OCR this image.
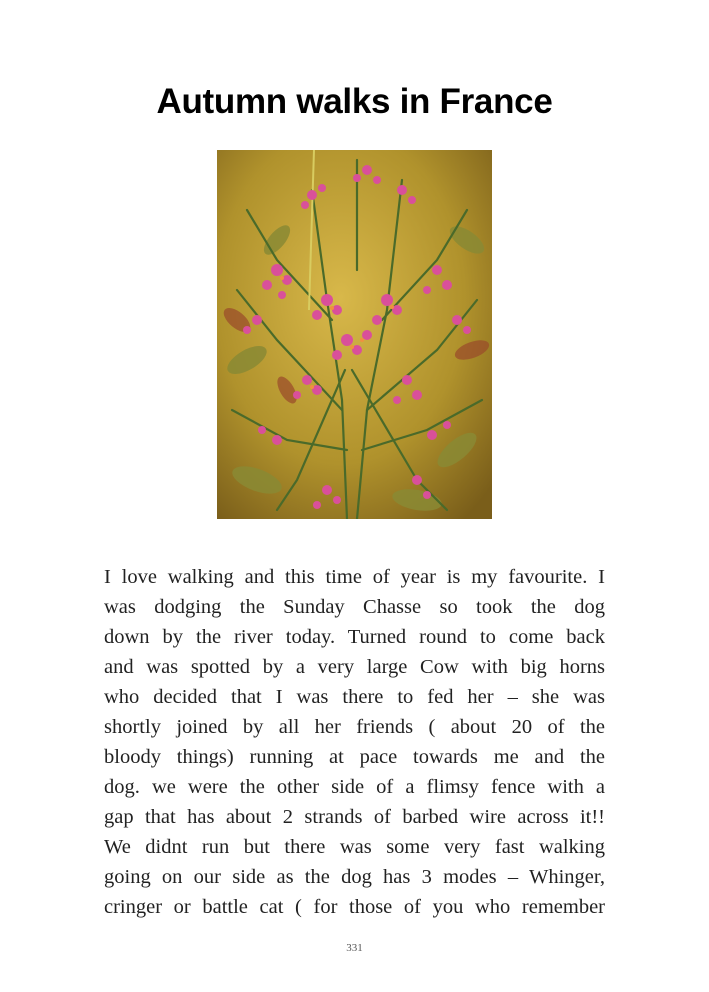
Autumn walks in France
I love walking and this time of year is my favourite. I
was dodging the Sunday Chasse so took the dog
down by the river today. Turned round to come back
and was spotted by a very large Cow with big horns
who decided that I was there to fed her – she was
shortly joined by all her friends ( about 20 of the
bloody things) running at pace towards me and the
dog. we were the other side of a flimsy fence with a
gap that has about 2 strands of barbed wire across it!!
We didnt run but there was some very fast walking
going on our side as the dog has 3 modes – Whinger,
cringer or battle cat ( for those of you who remember
331
